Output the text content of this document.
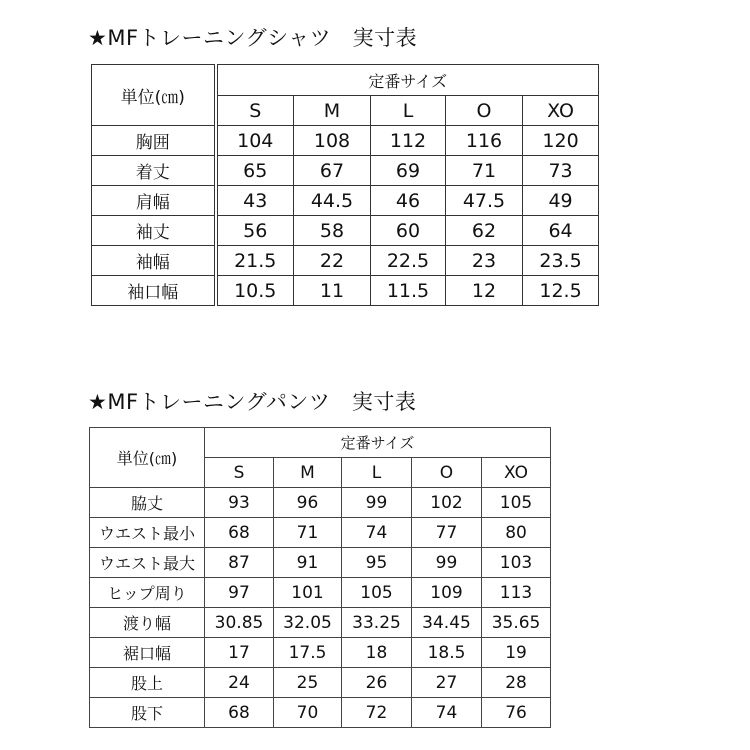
★MFトレーニングシャツ　実寸表
単位(㎝)	定番サイズ				
	S	M	L	O	XO
胸囲	104	108	112	116	120
着丈	65	67	69	71	73
肩幅	43	44.5	46	47.5	49
袖丈	56	58	60	62	64
袖幅	21.5	22	22.5	23	23.5
袖口幅	10.5	11	11.5	12	12.5
★MFトレーニングパンツ　実寸表
単位(㎝)	定番サイズ				
	S	M	L	O	XO
脇丈	93	96	99	102	105
ウエスト最小	68	71	74	77	80
ウエスト最大	87	91	95	99	103
ヒップ周り	97	101	105	109	113
渡り幅	30.85	32.05	33.25	34.45	35.65
裾口幅	17	17.5	18	18.5	19
股上	24	25	26	27	28
股下	68	70	72	74	76
